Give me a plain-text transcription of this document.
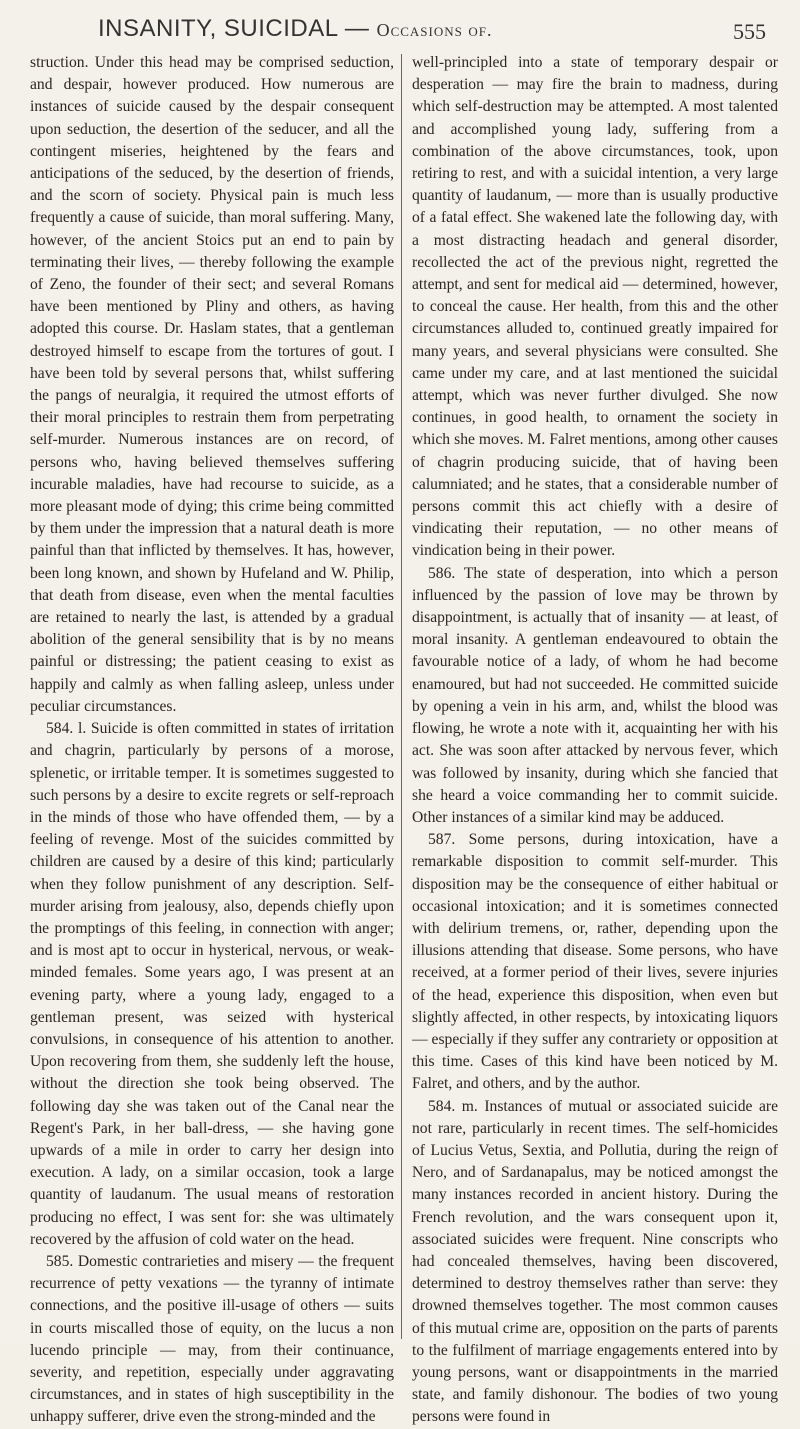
INSANITY, SUICIDAL — Occasions of.	555

struction. Under this head may be comprised seduction, and despair, however produced. How numerous are instances of suicide caused by the despair consequent upon seduction, the desertion of the seducer, and all the contingent miseries, heightened by the fears and anticipations of the seduced, by the desertion of friends, and the scorn of society. Physical pain is much less frequently a cause of suicide, than moral suffering. Many, however, of the ancient Stoics put an end to pain by terminating their lives, — thereby following the example of Zeno, the founder of their sect; and several Romans have been mentioned by Pliny and others, as having adopted this course. Dr. Haslam states, that a gentleman destroyed himself to escape from the tortures of gout. I have been told by several persons that, whilst suffering the pangs of neuralgia, it required the utmost efforts of their moral principles to restrain them from perpetrating self-murder. Numerous instances are on record, of persons who, having believed themselves suffering incurable maladies, have had recourse to suicide, as a more pleasant mode of dying; this crime being committed by them under the impression that a natural death is more painful than that inflicted by themselves. It has, however, been long known, and shown by Hufeland and W. Philip, that death from disease, even when the mental faculties are retained to nearly the last, is attended by a gradual abolition of the general sensibility that is by no means painful or distressing; the patient ceasing to exist as happily and calmly as when falling asleep, unless under peculiar circumstances.

584. l. Suicide is often committed in states of irritation and chagrin, particularly by persons of a morose, splenetic, or irritable temper. It is sometimes suggested to such persons by a desire to excite regrets or self-reproach in the minds of those who have offended them, — by a feeling of revenge. Most of the suicides committed by children are caused by a desire of this kind; particularly when they follow punishment of any description. Self-murder arising from jealousy, also, depends chiefly upon the promptings of this feeling, in connection with anger; and is most apt to occur in hysterical, nervous, or weak-minded females. Some years ago, I was present at an evening party, where a young lady, engaged to a gentleman present, was seized with hysterical convulsions, in consequence of his attention to another. Upon recovering from them, she suddenly left the house, without the direction she took being observed. The following day she was taken out of the Canal near the Regent's Park, in her ball-dress, — she having gone upwards of a mile in order to carry her design into execution. A lady, on a similar occasion, took a large quantity of laudanum. The usual means of restoration producing no effect, I was sent for: she was ultimately recovered by the affusion of cold water on the head.

585. Domestic contrarieties and misery — the frequent recurrence of petty vexations — the tyranny of intimate connections, and the positive ill-usage of others — suits in courts miscalled those of equity, on the lucus a non lucendo principle — may, from their continuance, severity, and repetition, especially under aggravating circumstances, and in states of high susceptibility in the unhappy sufferer, drive even the strong-minded and the

well-principled into a state of temporary despair or desperation — may fire the brain to madness, during which self-destruction may be attempted. A most talented and accomplished young lady, suffering from a combination of the above circumstances, took, upon retiring to rest, and with a suicidal intention, a very large quantity of laudanum, — more than is usually productive of a fatal effect. She wakened late the following day, with a most distracting headach and general disorder, recollected the act of the previous night, regretted the attempt, and sent for medical aid — determined, however, to conceal the cause. Her health, from this and the other circumstances alluded to, continued greatly impaired for many years, and several physicians were consulted. She came under my care, and at last mentioned the suicidal attempt, which was never further divulged. She now continues, in good health, to ornament the society in which she moves. M. Falret mentions, among other causes of chagrin producing suicide, that of having been calumniated; and he states, that a considerable number of persons commit this act chiefly with a desire of vindicating their reputation, — no other means of vindication being in their power.

586. The state of desperation, into which a person influenced by the passion of love may be thrown by disappointment, is actually that of insanity — at least, of moral insanity. A gentleman endeavoured to obtain the favourable notice of a lady, of whom he had become enamoured, but had not succeeded. He committed suicide by opening a vein in his arm, and, whilst the blood was flowing, he wrote a note with it, acquainting her with his act. She was soon after attacked by nervous fever, which was followed by insanity, during which she fancied that she heard a voice commanding her to commit suicide. Other instances of a similar kind may be adduced.

587. Some persons, during intoxication, have a remarkable disposition to commit self-murder. This disposition may be the consequence of either habitual or occasional intoxication; and it is sometimes connected with delirium tremens, or, rather, depending upon the illusions attending that disease. Some persons, who have received, at a former period of their lives, severe injuries of the head, experience this disposition, when even but slightly affected, in other respects, by intoxicating liquors — especially if they suffer any contrariety or opposition at this time. Cases of this kind have been noticed by M. Falret, and others, and by the author.

584. m. Instances of mutual or associated suicide are not rare, particularly in recent times. The self-homicides of Lucius Vetus, Sextia, and Pollutia, during the reign of Nero, and of Sardanapalus, may be noticed amongst the many instances recorded in ancient history. During the French revolution, and the wars consequent upon it, associated suicides were frequent. Nine conscripts who had concealed themselves, having been discovered, determined to destroy themselves rather than serve: they drowned themselves together. The most common causes of this mutual crime are, opposition on the parts of parents to the fulfilment of marriage engagements entered into by young persons, want or disappointments in the married state, and family dishonour. The bodies of two young persons were found in
